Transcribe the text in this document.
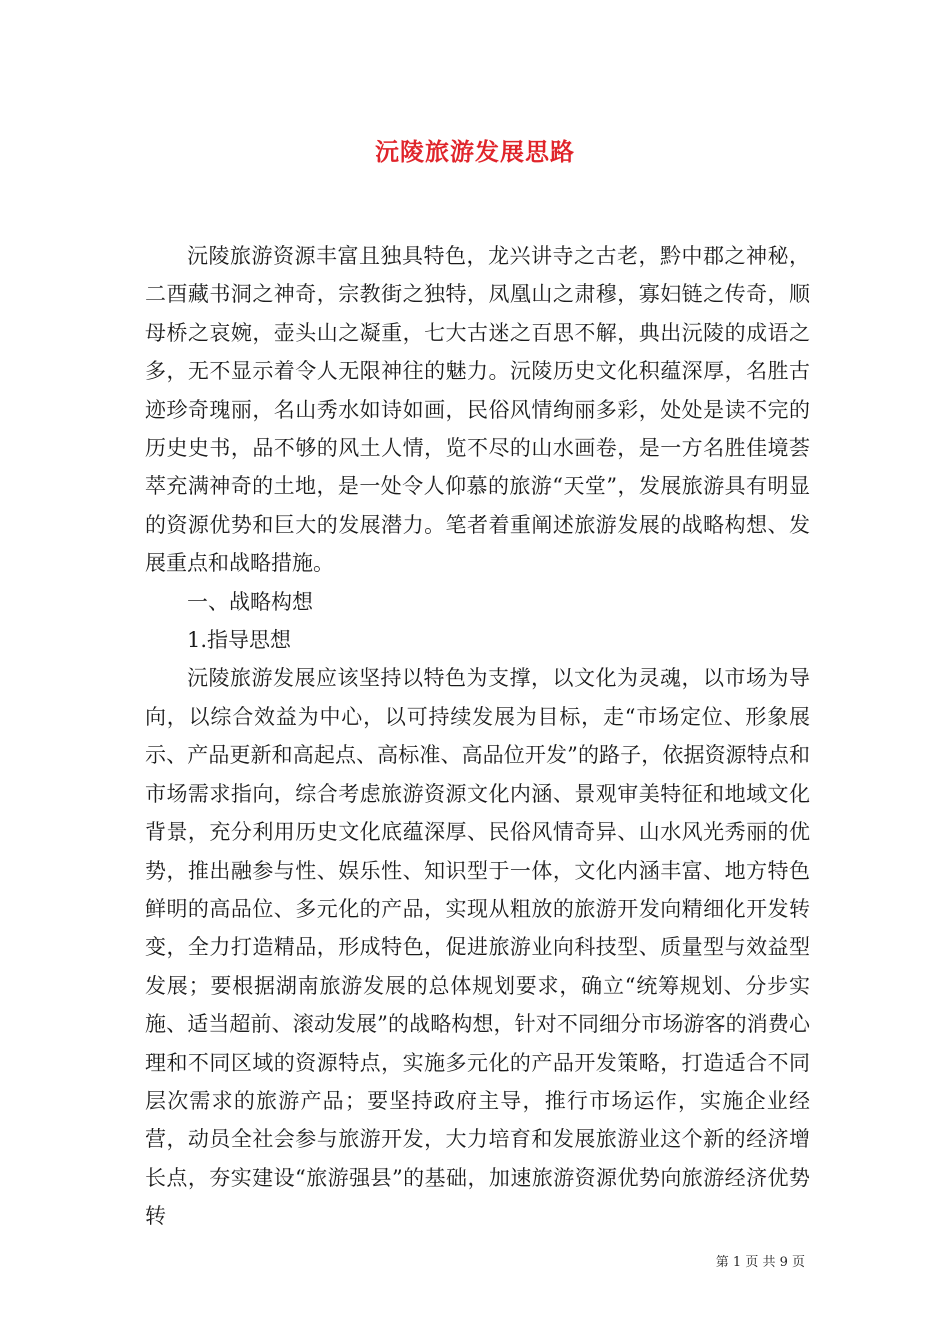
沅陵旅游发展思路

沅陵旅游资源丰富且独具特色，龙兴讲寺之古老，黔中郡之神秘，二酉藏书洞之神奇，宗教街之独特，凤凰山之肃穆，寡妇链之传奇，顺母桥之哀婉，壶头山之凝重，七大古迷之百思不解，典出沅陵的成语之多，无不显示着令人无限神往的魅力。沅陵历史文化积蕴深厚，名胜古迹珍奇瑰丽，名山秀水如诗如画，民俗风情绚丽多彩，处处是读不完的历史史书，品不够的风土人情，览不尽的山水画卷，是一方名胜佳境荟萃充满神奇的土地，是一处令人仰慕的旅游“天堂”，发展旅游具有明显的资源优势和巨大的发展潜力。笔者着重阐述旅游发展的战略构想、发展重点和战略措施。

一、战略构想

1.指导思想

沅陵旅游发展应该坚持以特色为支撑，以文化为灵魂，以市场为导向，以综合效益为中心，以可持续发展为目标，走“市场定位、形象展示、产品更新和高起点、高标准、高品位开发”的路子，依据资源特点和市场需求指向，综合考虑旅游资源文化内涵、景观审美特征和地域文化背景，充分利用历史文化底蕴深厚、民俗风情奇异、山水风光秀丽的优势，推出融参与性、娱乐性、知识型于一体，文化内涵丰富、地方特色鲜明的高品位、多元化的产品，实现从粗放的旅游开发向精细化开发转变，全力打造精品，形成特色，促进旅游业向科技型、质量型与效益型发展；要根据湖南旅游发展的总体规划要求，确立“统筹规划、分步实施、适当超前、滚动发展”的战略构想，针对不同细分市场游客的消费心理和不同区域的资源特点，实施多元化的产品开发策略，打造适合不同层次需求的旅游产品；要坚持政府主导，推行市场运作，实施企业经营，动员全社会参与旅游开发，大力培育和发展旅游业这个新的经济增长点，夯实建设“旅游强县”的基础，加速旅游资源优势向旅游经济优势转

第 1 页 共 9 页
